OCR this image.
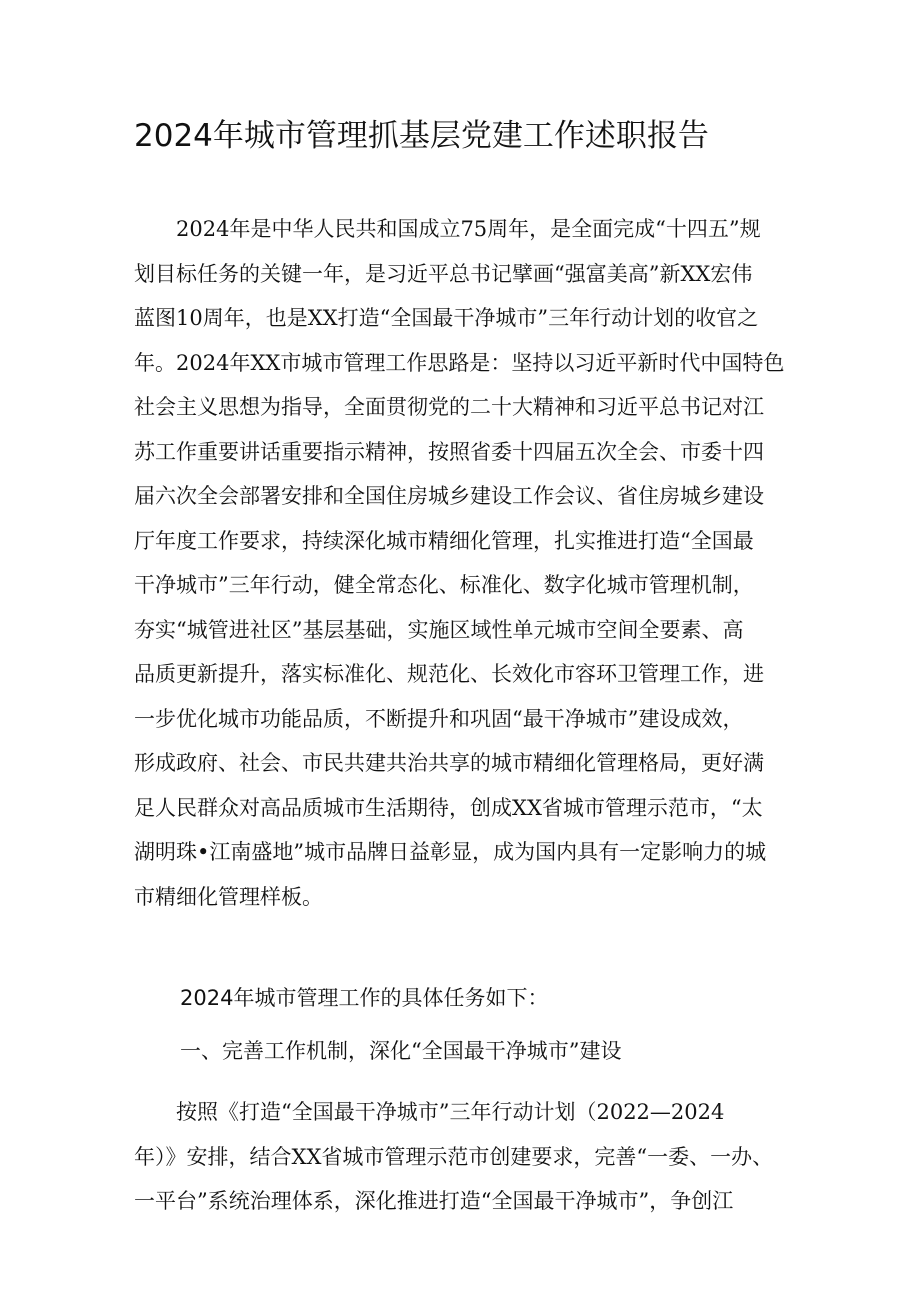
2024年城市管理抓基层党建工作述职报告
　　2024年是中华人民共和国成立75周年，是全面完成“十四五”规
划目标任务的关键一年，是习近平总书记擘画“强富美高”新XX宏伟
蓝图10周年，也是XX打造“全国最干净城市”三年行动计划的收官之
年。2024年XX市城市管理工作思路是：坚持以习近平新时代中国特色
社会主义思想为指导，全面贯彻党的二十大精神和习近平总书记对江
苏工作重要讲话重要指示精神，按照省委十四届五次全会、市委十四
届六次全会部署安排和全国住房城乡建设工作会议、省住房城乡建设
厅年度工作要求，持续深化城市精细化管理，扎实推进打造“全国最
干净城市”三年行动，健全常态化、标准化、数字化城市管理机制，
夯实“城管进社区”基层基础，实施区域性单元城市空间全要素、高
品质更新提升，落实标准化、规范化、长效化市容环卫管理工作，进
一步优化城市功能品质，不断提升和巩固“最干净城市”建设成效，
形成政府、社会、市民共建共治共享的城市精细化管理格局，更好满
足人民群众对高品质城市生活期待，创成XX省城市管理示范市，“太
湖明珠•江南盛地”城市品牌日益彰显，成为国内具有一定影响力的城
市精细化管理样板。

2024年城市管理工作的具体任务如下：

一、完善工作机制，深化“全国最干净城市”建设

　　按照《打造“全国最干净城市”三年行动计划（2022—2024
年）》安排，结合XX省城市管理示范市创建要求，完善“一委、一办、
一平台”系统治理体系，深化推进打造“全国最干净城市”，争创江
